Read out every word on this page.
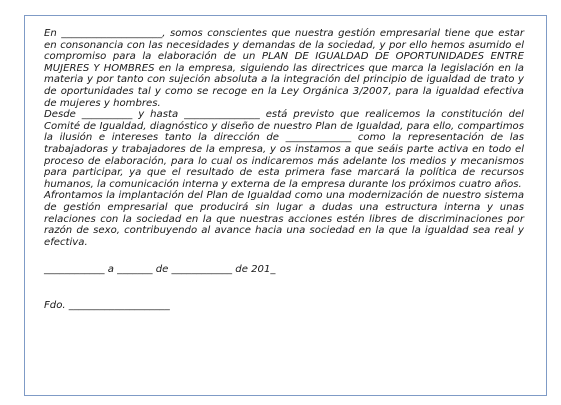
En ____________________, somos conscientes que nuestra gestión empresarial tiene que estar en consonancia con las necesidades y demandas de la sociedad, y por ello hemos asumido el compromiso para la elaboración de un PLAN DE IGUALDAD DE OPORTUNIDADES ENTRE MUJERES Y HOMBRES en la empresa, siguiendo las directrices que marca la legislación en la materia y por tanto con sujeción absoluta a la integración del principio de igualdad de trato y de oportunidades tal y como se recoge en la Ley Orgánica 3/2007, para la igualdad efectiva de mujeres y hombres.

Desde __________ y hasta _______________ está previsto que realicemos la constitución del Comité de Igualdad, diagnóstico y diseño de nuestro Plan de Igualdad, para ello, compartimos la ilusión e intereses tanto la dirección de _____________ como la representación de las trabajadoras y trabajadores de la empresa, y os instamos a que seáis parte activa en todo el proceso de elaboración, para lo cual os indicaremos más adelante los medios y mecanismos para participar, ya que el resultado de esta primera fase marcará la política de recursos humanos, la comunicación interna y externa de la empresa durante los próximos cuatro años.

Afrontamos la implantación del Plan de Igualdad como una modernización de nuestro sistema de gestión empresarial que producirá sin lugar a dudas una estructura interna y unas relaciones con la sociedad en la que nuestras acciones estén libres de discriminaciones por razón de sexo, contribuyendo al avance hacia una sociedad en la que la igualdad sea real y efectiva.

____________ a _______ de ____________ de 201_

Fdo. ____________________
